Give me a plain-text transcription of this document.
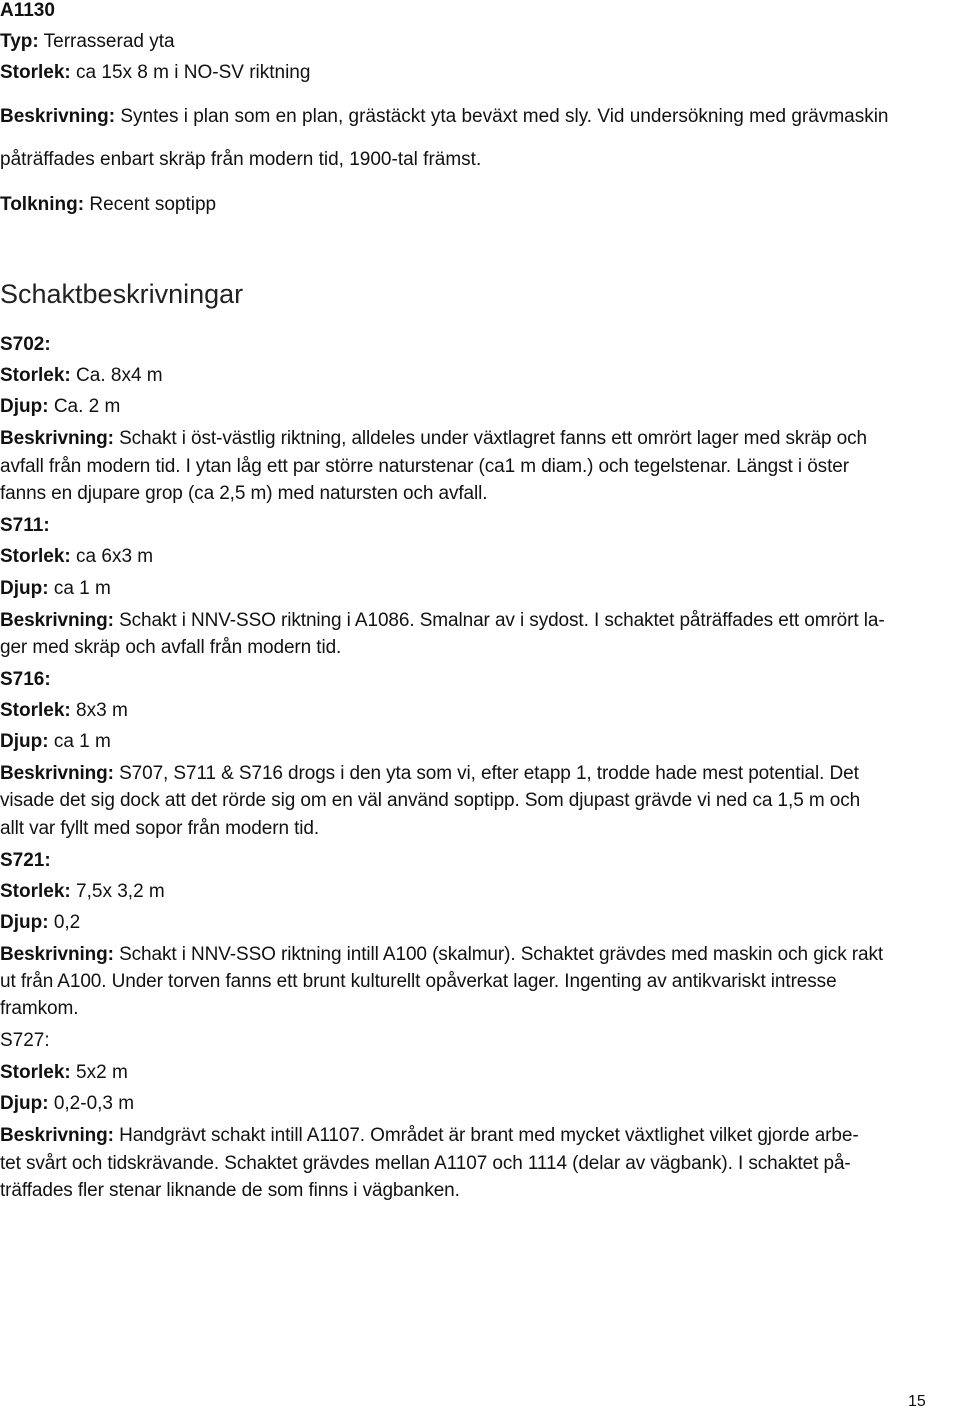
A1130
Typ: Terrasserad yta
Storlek: ca 15x 8 m i NO-SV riktning
Beskrivning: Syntes i plan som en plan, grästäckt yta beväxt med sly. Vid undersökning med grävmaskin
påträffades enbart skräp från modern tid, 1900-tal främst.
Tolkning: Recent soptipp
Schaktbeskrivningar
S702:
Storlek: Ca. 8x4 m
Djup: Ca. 2 m
Beskrivning: Schakt i öst-västlig riktning, alldeles under växtlagret fanns ett omrört lager med skräp och
avfall från modern tid. I ytan låg ett par större naturstenar (ca1 m diam.) och tegelstenar. Längst i öster
fanns en djupare grop (ca 2,5 m) med natursten och avfall.
S711:
Storlek: ca 6x3 m
Djup: ca 1 m
Beskrivning: Schakt i NNV-SSO riktning i A1086. Smalnar av i sydost. I schaktet påträffades ett omrört la-
ger med skräp och avfall från modern tid.
S716:
Storlek: 8x3 m
Djup: ca 1 m
Beskrivning: S707, S711 & S716 drogs i den yta som vi, efter etapp 1, trodde hade mest potential. Det
visade det sig dock att det rörde sig om en väl använd soptipp. Som djupast grävde vi ned ca 1,5 m och
allt var fyllt med sopor från modern tid.
S721:
Storlek: 7,5x 3,2 m
Djup: 0,2
Beskrivning: Schakt i NNV-SSO riktning intill A100 (skalmur). Schaktet grävdes med maskin och gick rakt
ut från A100. Under torven fanns ett brunt kulturellt opåverkat lager. Ingenting av antikvariskt intresse
framkom.
S727:
Storlek: 5x2 m
Djup: 0,2-0,3 m
Beskrivning: Handgrävt schakt intill A1107. Området är brant med mycket växtlighet vilket gjorde arbe-
tet svårt och tidskrävande. Schaktet grävdes mellan A1107 och 1114 (delar av vägbank). I schaktet på-
träffades fler stenar liknande de som finns i vägbanken.
15
